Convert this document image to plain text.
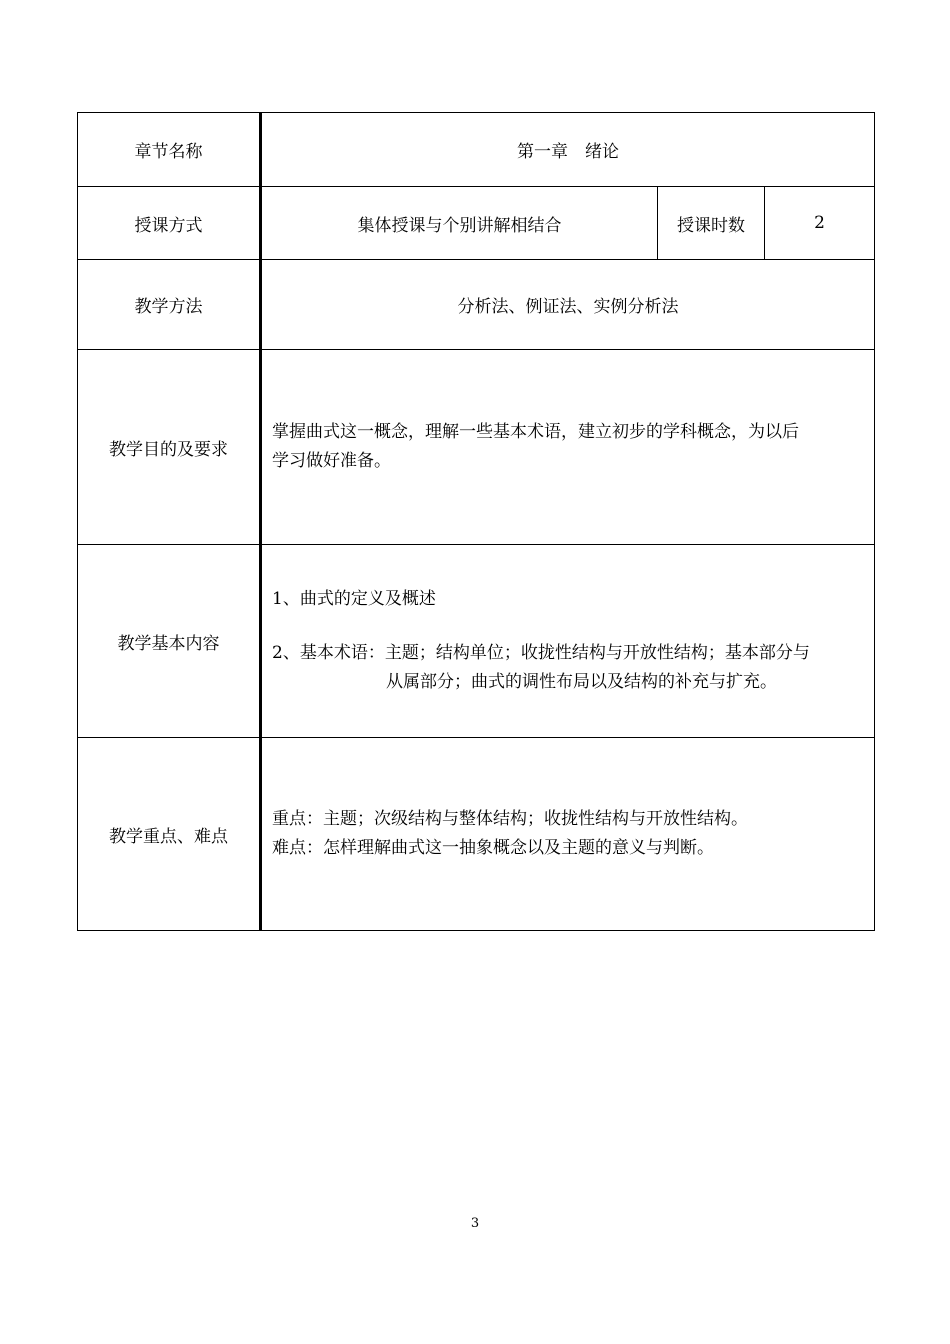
章节名称	第一章　绪论		
授课方式	集体授课与个别讲解相结合	授课时数	2
教学方法	分析法、例证法、实例分析法		
教学目的及要求	掌握曲式这一概念，理解一些基本术语，建立初步的学科概念，为以后
学习做好准备。		

教学基本内容	1、曲式的定义及概述
2、基本术语：主题；结构单位；收拢性结构与开放性结构；基本部分与
从属部分；曲式的调性布局以及结构的补充与扩充。		

教学重点、难点	重点：主题；次级结构与整体结构；收拢性结构与开放性结构。
难点：怎样理解曲式这一抽象概念以及主题的意义与判断。		
3
